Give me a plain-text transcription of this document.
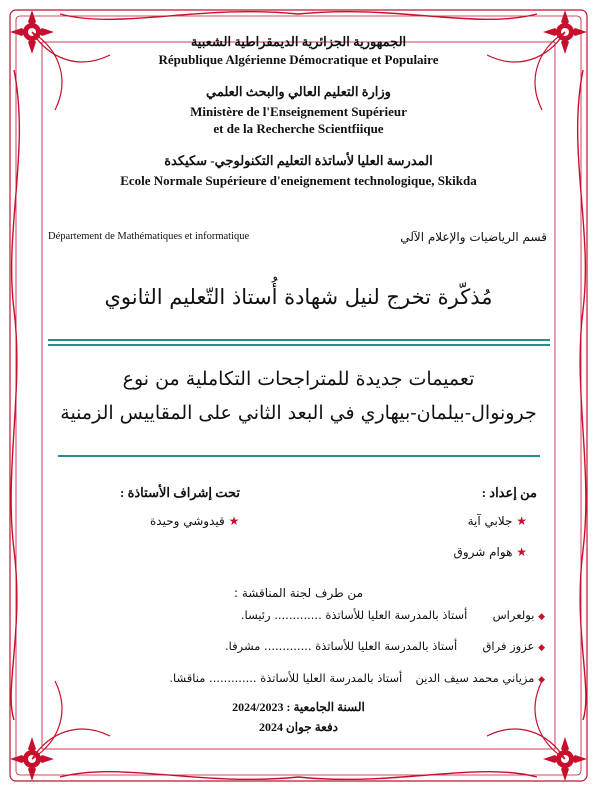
الجمهورية الجزائرية الديمقراطية الشعبية
République Algérienne Démocratique et Populaire
وزارة التعليم العالي والبحث العلمي
Ministère de l'Enseignement Supérieur
et de la Recherche Scientfiique
المدرسة العليا لأساتذة التعليم التكنولوجي- سكيكدة
Ecole Normale Supérieure d'eneignement technologique, Skikda
Département de Mathématiques et informatique	قسم الرياضيات والإعلام الآلي
مُذكّرة تخرج لنيل شهادة أُستاذ التّعليم الثانوي
تعميمات جديدة للمتراجحات التكاملية من نوع
جرونوال-بيلمان-بيهاري في البعد الثاني على المقاييس الزمنية
من إعداد :
★ جلابي آية
★ هوام شروق
تحت إشراف الأستاذة :
★ قيدوشي وحيدة
من طرف لجنة المناقشة :
◆ بولعراس  أستاذ بالمدرسة العليا للأساتذة ............. رئيسا.
◆ عزوز فراق  أستاذ بالمدرسة العليا للأساتذة ............. مشرفا.
◆ مزياني محمد سيف الدين  أستاذ بالمدرسة العليا للأساتذة ............. مناقشا.
السنة الجامعية : 2024/2023
دفعة جوان 2024
